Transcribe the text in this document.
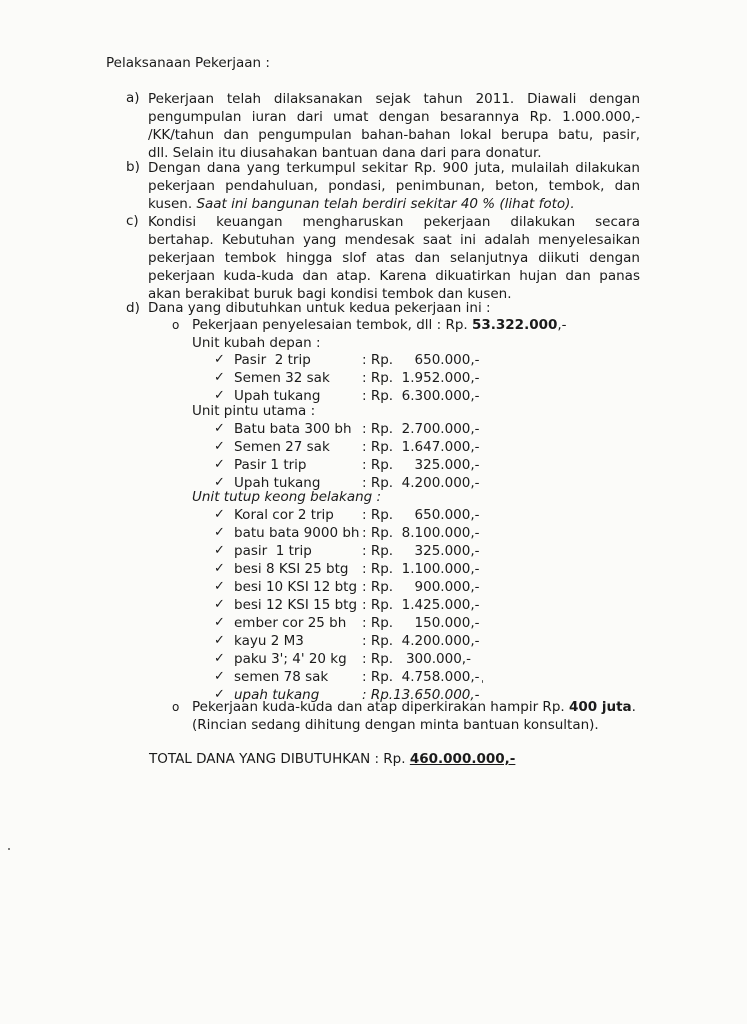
Pelaksanaan Pekerjaan :
a) Pekerjaan telah dilaksanakan sejak tahun 2011. Diawali dengan
pengumpulan iuran dari umat dengan besarannya Rp. 1.000.000,-
/KK/tahun dan pengumpulan bahan-bahan lokal berupa batu, pasir,
dll. Selain itu diusahakan bantuan dana dari para donatur.
b) Dengan dana yang terkumpul sekitar Rp. 900 juta, mulailah dilakukan
pekerjaan pendahuluan, pondasi, penimbunan, beton, tembok, dan
kusen. Saat ini bangunan telah berdiri sekitar 40 % (lihat foto).
c) Kondisi keuangan mengharuskan pekerjaan dilakukan secara
bertahap. Kebutuhan yang mendesak saat ini adalah menyelesaikan
pekerjaan tembok hingga slof atas dan selanjutnya diikuti dengan
pekerjaan kuda-kuda dan atap. Karena dikuatirkan hujan dan panas
akan berakibat buruk bagi kondisi tembok dan kusen.
d) Dana yang dibutuhkan untuk kedua pekerjaan ini :
o Pekerjaan penyelesaian tembok, dll : Rp. 53.322.000,-
Unit kubah depan :
✓ Pasir  2 trip	: Rp.     650.000,-
✓ Semen 32 sak : Rp.  1.952.000,-
✓ Upah tukang	: Rp.  6.300.000,-
Unit pintu utama :
✓ Batu bata 300 bh : Rp.  2.700.000,-
✓ Semen 27 sak : Rp.  1.647.000,-
✓ Pasir 1 trip	: Rp.     325.000,-
✓ Upah tukang	: Rp.  4.200.000,-
Unit tutup keong belakang :
✓ Koral cor 2 trip : Rp.     650.000,-
✓ batu bata 9000 bh : Rp.  8.100.000,-
✓ pasir  1 trip	: Rp.     325.000,-
✓ besi 8 KSI 25 btg : Rp.  1.100.000,-
✓ besi 10 KSI 12 btg : Rp.     900.000,-
✓ besi 12 KSI 15 btg : Rp.  1.425.000,-
✓ ember cor 25 bh : Rp.     150.000,-
✓ kayu 2 M3	: Rp.  4.200.000,-
✓ paku 3'; 4' 20 kg : Rp.   300.000,-
✓ semen 78 sak	: Rp.  4.758.000,-
✓ upah tukang	: Rp.13.650.000,-
o Pekerjaan kuda-kuda dan atap diperkirakan hampir Rp. 400 juta.
(Rincian sedang dihitung dengan minta bantuan konsultan).
TOTAL DANA YANG DIBUTUHKAN : Rp. 460.000.000,-
